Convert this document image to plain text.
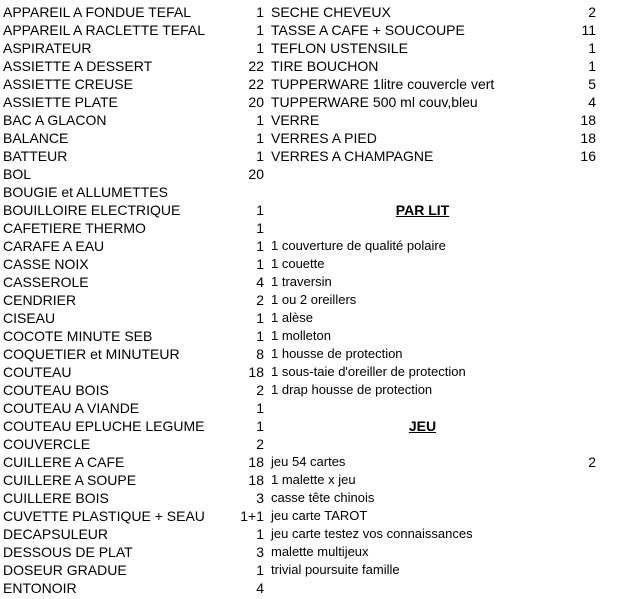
APPAREIL A FONDUE TEFAL	1 SECHE CHEVEUX	2
APPAREIL A RACLETTE TEFAL	1 TASSE A CAFE + SOUCOUPE	11
ASPIRATEUR	1 TEFLON USTENSILE	1
ASSIETTE A DESSERT	22 TIRE BOUCHON	1
ASSIETTE CREUSE	22 TUPPERWARE 1litre couvercle vert	5
ASSIETTE PLATE	20 TUPPERWARE 500 ml couv,bleu	4
BAC A GLACON	1 VERRE	18
BALANCE	1 VERRES A PIED	18
BATTEUR	1 VERRES A CHAMPAGNE	16
BOL	20
BOUGIE et ALLUMETTES
BOUILLOIRE ELECTRIQUE	1	PAR LIT
CAFETIERE THERMO	1
CARAFE A EAU	1 1 couverture de qualité polaire
CASSE NOIX	1 1 couette
CASSEROLE	4 1 traversin
CENDRIER	2 1 ou 2 oreillers
CISEAU	1 1 alèse
COCOTE MINUTE SEB	1 1 molleton
COQUETIER et MINUTEUR	8 1 housse de protection
COUTEAU	18 1 sous-taie d'oreiller de protection
COUTEAU BOIS	2 1 drap housse de protection
COUTEAU A VIANDE	1
COUTEAU EPLUCHE LEGUME	1	JEU
COUVERCLE	2
CUILLERE A CAFE	18 jeu 54 cartes	2
CUILLERE A SOUPE	18 1 malette x jeu
CUILLERE BOIS	3 casse tête chinois
CUVETTE PLASTIQUE + SEAU	1+1 jeu carte TAROT
DECAPSULEUR	1 jeu carte testez vos connaissances
DESSOUS DE PLAT	3 malette multijeux
DOSEUR GRADUE	1 trivial poursuite famille
ENTONOIR	4
